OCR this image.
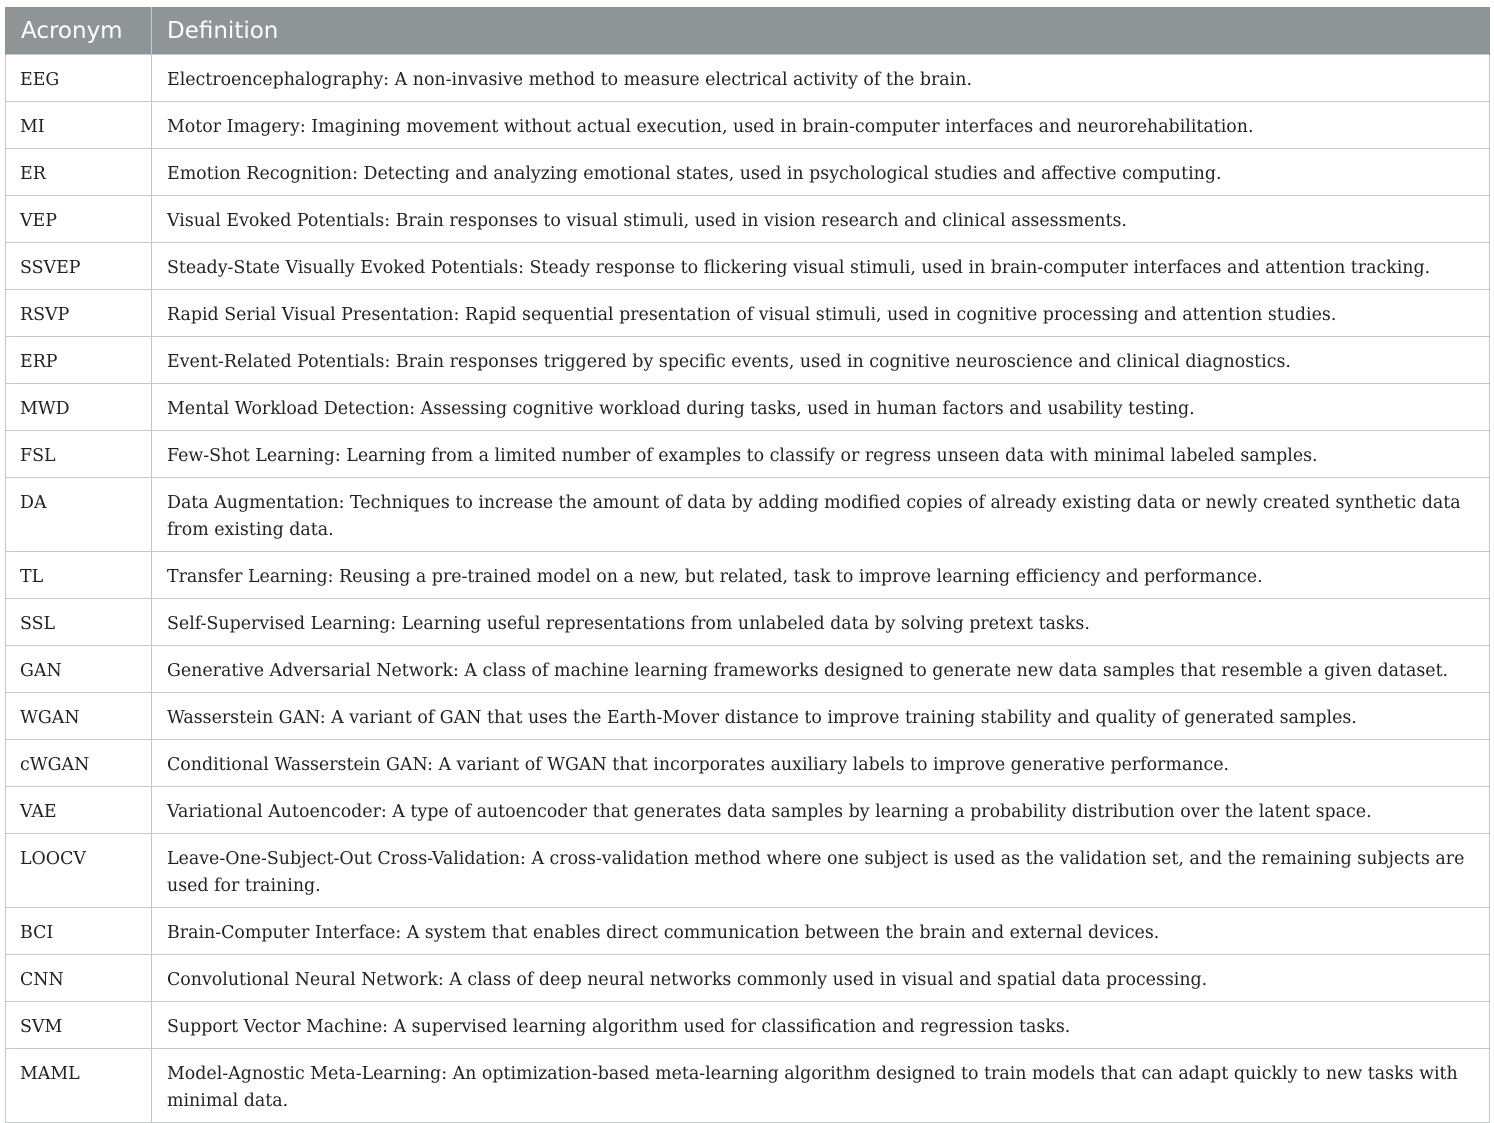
Acronym	Definition
EEG	Electroencephalography: A non-invasive method to measure electrical activity of the brain.
MI	Motor Imagery: Imagining movement without actual execution, used in brain-computer interfaces and neurorehabilitation.
ER	Emotion Recognition: Detecting and analyzing emotional states, used in psychological studies and affective computing.
VEP	Visual Evoked Potentials: Brain responses to visual stimuli, used in vision research and clinical assessments.
SSVEP	Steady-State Visually Evoked Potentials: Steady response to flickering visual stimuli, used in brain-computer interfaces and attention tracking.
RSVP	Rapid Serial Visual Presentation: Rapid sequential presentation of visual stimuli, used in cognitive processing and attention studies.
ERP	Event-Related Potentials: Brain responses triggered by specific events, used in cognitive neuroscience and clinical diagnostics.
MWD	Mental Workload Detection: Assessing cognitive workload during tasks, used in human factors and usability testing.
FSL	Few-Shot Learning: Learning from a limited number of examples to classify or regress unseen data with minimal labeled samples.
DA	Data Augmentation: Techniques to increase the amount of data by adding modified copies of already existing data or newly created synthetic data from existing data.
TL	Transfer Learning: Reusing a pre-trained model on a new, but related, task to improve learning efficiency and performance.
SSL	Self-Supervised Learning: Learning useful representations from unlabeled data by solving pretext tasks.
GAN	Generative Adversarial Network: A class of machine learning frameworks designed to generate new data samples that resemble a given dataset.
WGAN	Wasserstein GAN: A variant of GAN that uses the Earth-Mover distance to improve training stability and quality of generated samples.
cWGAN	Conditional Wasserstein GAN: A variant of WGAN that incorporates auxiliary labels to improve generative performance.
VAE	Variational Autoencoder: A type of autoencoder that generates data samples by learning a probability distribution over the latent space.
LOOCV	Leave-One-Subject-Out Cross-Validation: A cross-validation method where one subject is used as the validation set, and the remaining subjects are used for training.
BCI	Brain-Computer Interface: A system that enables direct communication between the brain and external devices.
CNN	Convolutional Neural Network: A class of deep neural networks commonly used in visual and spatial data processing.
SVM	Support Vector Machine: A supervised learning algorithm used for classification and regression tasks.
MAML	Model-Agnostic Meta-Learning: An optimization-based meta-learning algorithm designed to train models that can adapt quickly to new tasks with minimal data.
